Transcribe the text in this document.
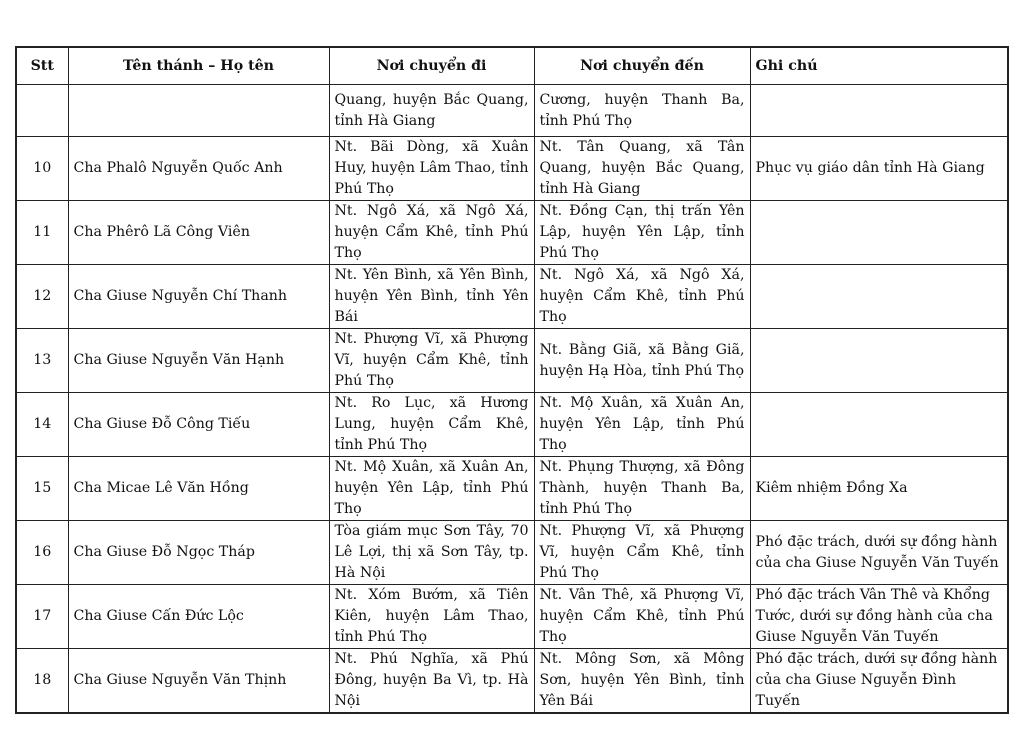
Stt	Tên thánh – Họ tên	Nơi chuyển đi	Nơi chuyển đến	Ghi chú
		Quang, huyện Bắc Quang, tỉnh Hà Giang	Cương, huyện Thanh Ba, tỉnh Phú Thọ	
10	Cha Phalô Nguyễn Quốc Anh	Nt. Bãi Dòng, xã Xuân Huy, huyện Lâm Thao, tỉnh Phú Thọ	Nt. Tân Quang, xã Tân Quang, huyện Bắc Quang, tỉnh Hà Giang	Phục vụ giáo dân tỉnh Hà Giang
11	Cha Phêrô Lã Công Viên	Nt. Ngô Xá, xã Ngô Xá, huyện Cẩm Khê, tỉnh Phú Thọ	Nt. Đồng Cạn, thị trấn Yên Lập, huyện Yên Lập, tỉnh Phú Thọ	
12	Cha Giuse Nguyễn Chí Thanh	Nt. Yên Bình, xã Yên Bình, huyện Yên Bình, tỉnh Yên Bái	Nt. Ngô Xá, xã Ngô Xá, huyện Cẩm Khê, tỉnh Phú Thọ	
13	Cha Giuse Nguyễn Văn Hạnh	Nt. Phượng Vĩ, xã Phượng Vĩ, huyện Cẩm Khê, tỉnh Phú Thọ	Nt. Bằng Giã, xã Bằng Giã, huyện Hạ Hòa, tỉnh Phú Thọ	
14	Cha Giuse Đỗ Công Tiếu	Nt. Ro Lục, xã Hương Lung, huyện Cẩm Khê, tỉnh Phú Thọ	Nt. Mộ Xuân, xã Xuân An, huyện Yên Lập, tỉnh Phú Thọ	
15	Cha Micae Lê Văn Hồng	Nt. Mộ Xuân, xã Xuân An, huyện Yên Lập, tỉnh Phú Thọ	Nt. Phụng Thượng, xã Đông Thành, huyện Thanh Ba, tỉnh Phú Thọ	Kiêm nhiệm Đồng Xa
16	Cha Giuse Đỗ Ngọc Tháp	Tòa giám mục Sơn Tây, 70 Lê Lợi, thị xã Sơn Tây, tp. Hà Nội	Nt. Phượng Vĩ, xã Phượng Vĩ, huyện Cẩm Khê, tỉnh Phú Thọ	Phó đặc trách, dưới sự đồng hành của cha Giuse Nguyễn Văn Tuyến
17	Cha Giuse Cấn Đức Lộc	Nt. Xóm Bướm, xã Tiên Kiên, huyện Lâm Thao, tỉnh Phú Thọ	Nt. Vân Thê, xã Phượng Vĩ, huyện Cẩm Khê, tỉnh Phú Thọ	Phó đặc trách Vân Thê và Khổng Tước, dưới sự đồng hành của cha Giuse Nguyễn Văn Tuyến
18	Cha Giuse Nguyễn Văn Thịnh	Nt. Phú Nghĩa, xã Phú Đông, huyện Ba Vì, tp. Hà Nội	Nt. Mông Sơn, xã Mông Sơn, huyện Yên Bình, tỉnh Yên Bái	Phó đặc trách, dưới sự đồng hành của cha Giuse Nguyễn Đình Tuyến
